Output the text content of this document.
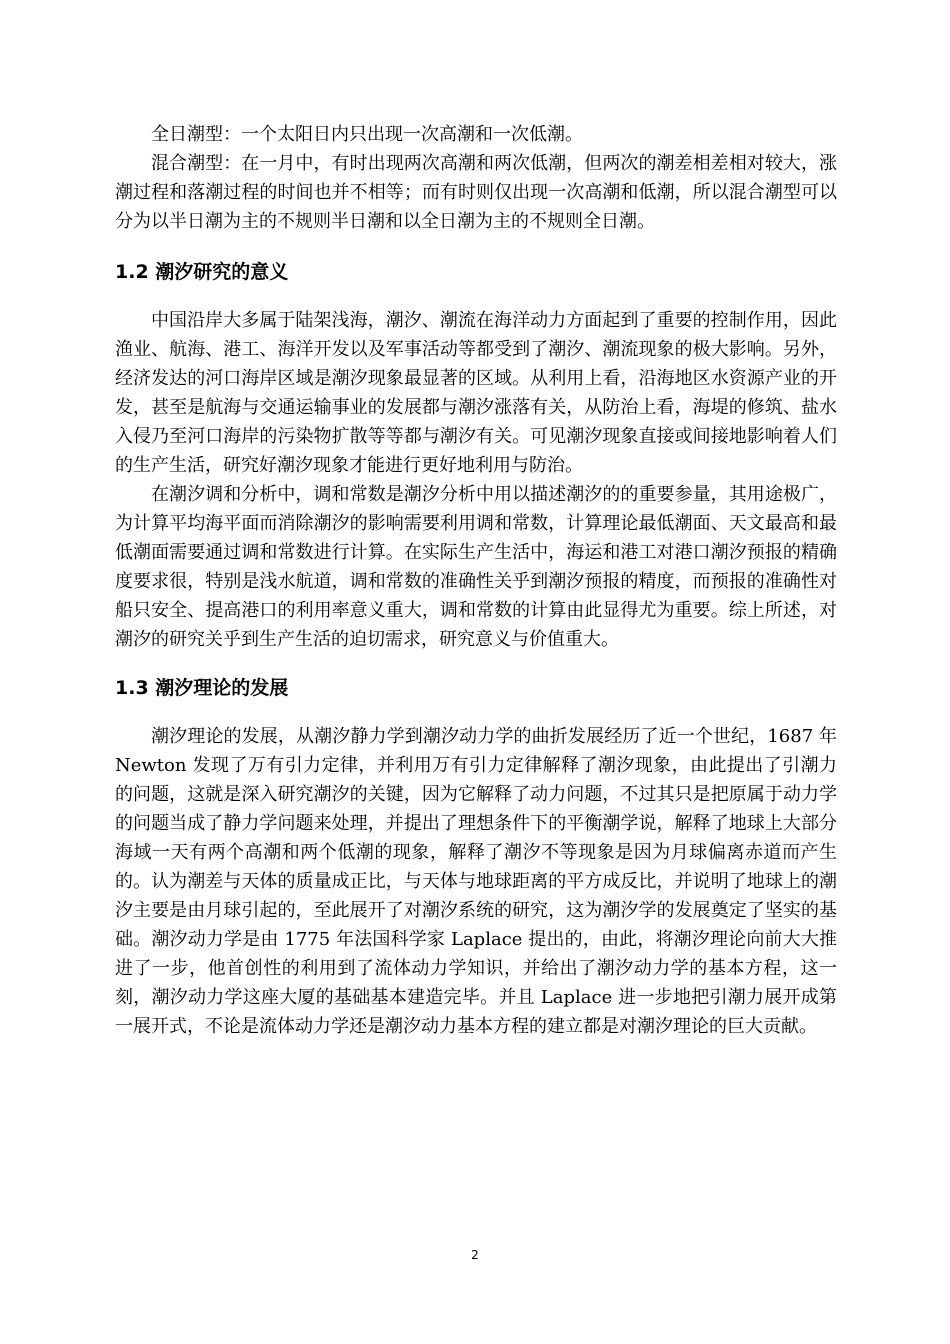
全日潮型：一个太阳日内只出现一次高潮和一次低潮。

混合潮型：在一月中，有时出现两次高潮和两次低潮，但两次的潮差相差相对较大，涨潮过程和落潮过程的时间也并不相等；而有时则仅出现一次高潮和低潮，所以混合潮型可以分为以半日潮为主的不规则半日潮和以全日潮为主的不规则全日潮。

1.2 潮汐研究的意义

中国沿岸大多属于陆架浅海，潮汐、潮流在海洋动力方面起到了重要的控制作用，因此渔业、航海、港工、海洋开发以及军事活动等都受到了潮汐、潮流现象的极大影响。另外，经济发达的河口海岸区域是潮汐现象最显著的区域。从利用上看，沿海地区水资源产业的开发，甚至是航海与交通运输事业的发展都与潮汐涨落有关，从防治上看，海堤的修筑、盐水入侵乃至河口海岸的污染物扩散等等都与潮汐有关。可见潮汐现象直接或间接地影响着人们的生产生活，研究好潮汐现象才能进行更好地利用与防治。

在潮汐调和分析中，调和常数是潮汐分析中用以描述潮汐的的重要参量，其用途极广，为计算平均海平面而消除潮汐的影响需要利用调和常数，计算理论最低潮面、天文最高和最低潮面需要通过调和常数进行计算。在实际生产生活中，海运和港工对港口潮汐预报的精确度要求很，特别是浅水航道，调和常数的准确性关乎到潮汐预报的精度，而预报的准确性对船只安全、提高港口的利用率意义重大，调和常数的计算由此显得尤为重要。综上所述，对潮汐的研究关乎到生产生活的迫切需求，研究意义与价值重大。

1.3 潮汐理论的发展

潮汐理论的发展，从潮汐静力学到潮汐动力学的曲折发展经历了近一个世纪，1687 年 Newton 发现了万有引力定律，并利用万有引力定律解释了潮汐现象，由此提出了引潮力的问题，这就是深入研究潮汐的关键，因为它解释了动力问题，不过其只是把原属于动力学的问题当成了静力学问题来处理，并提出了理想条件下的平衡潮学说，解释了地球上大部分海域一天有两个高潮和两个低潮的现象，解释了潮汐不等现象是因为月球偏离赤道而产生的。认为潮差与天体的质量成正比，与天体与地球距离的平方成反比，并说明了地球上的潮汐主要是由月球引起的，至此展开了对潮汐系统的研究，这为潮汐学的发展奠定了坚实的基础。潮汐动力学是由 1775 年法国科学家 Laplace 提出的，由此，将潮汐理论向前大大推进了一步，他首创性的利用到了流体动力学知识，并给出了潮汐动力学的基本方程，这一刻，潮汐动力学这座大厦的基础基本建造完毕。并且 Laplace 进一步地把引潮力展开成第一展开式，不论是流体动力学还是潮汐动力基本方程的建立都是对潮汐理论的巨大贡献。

2
